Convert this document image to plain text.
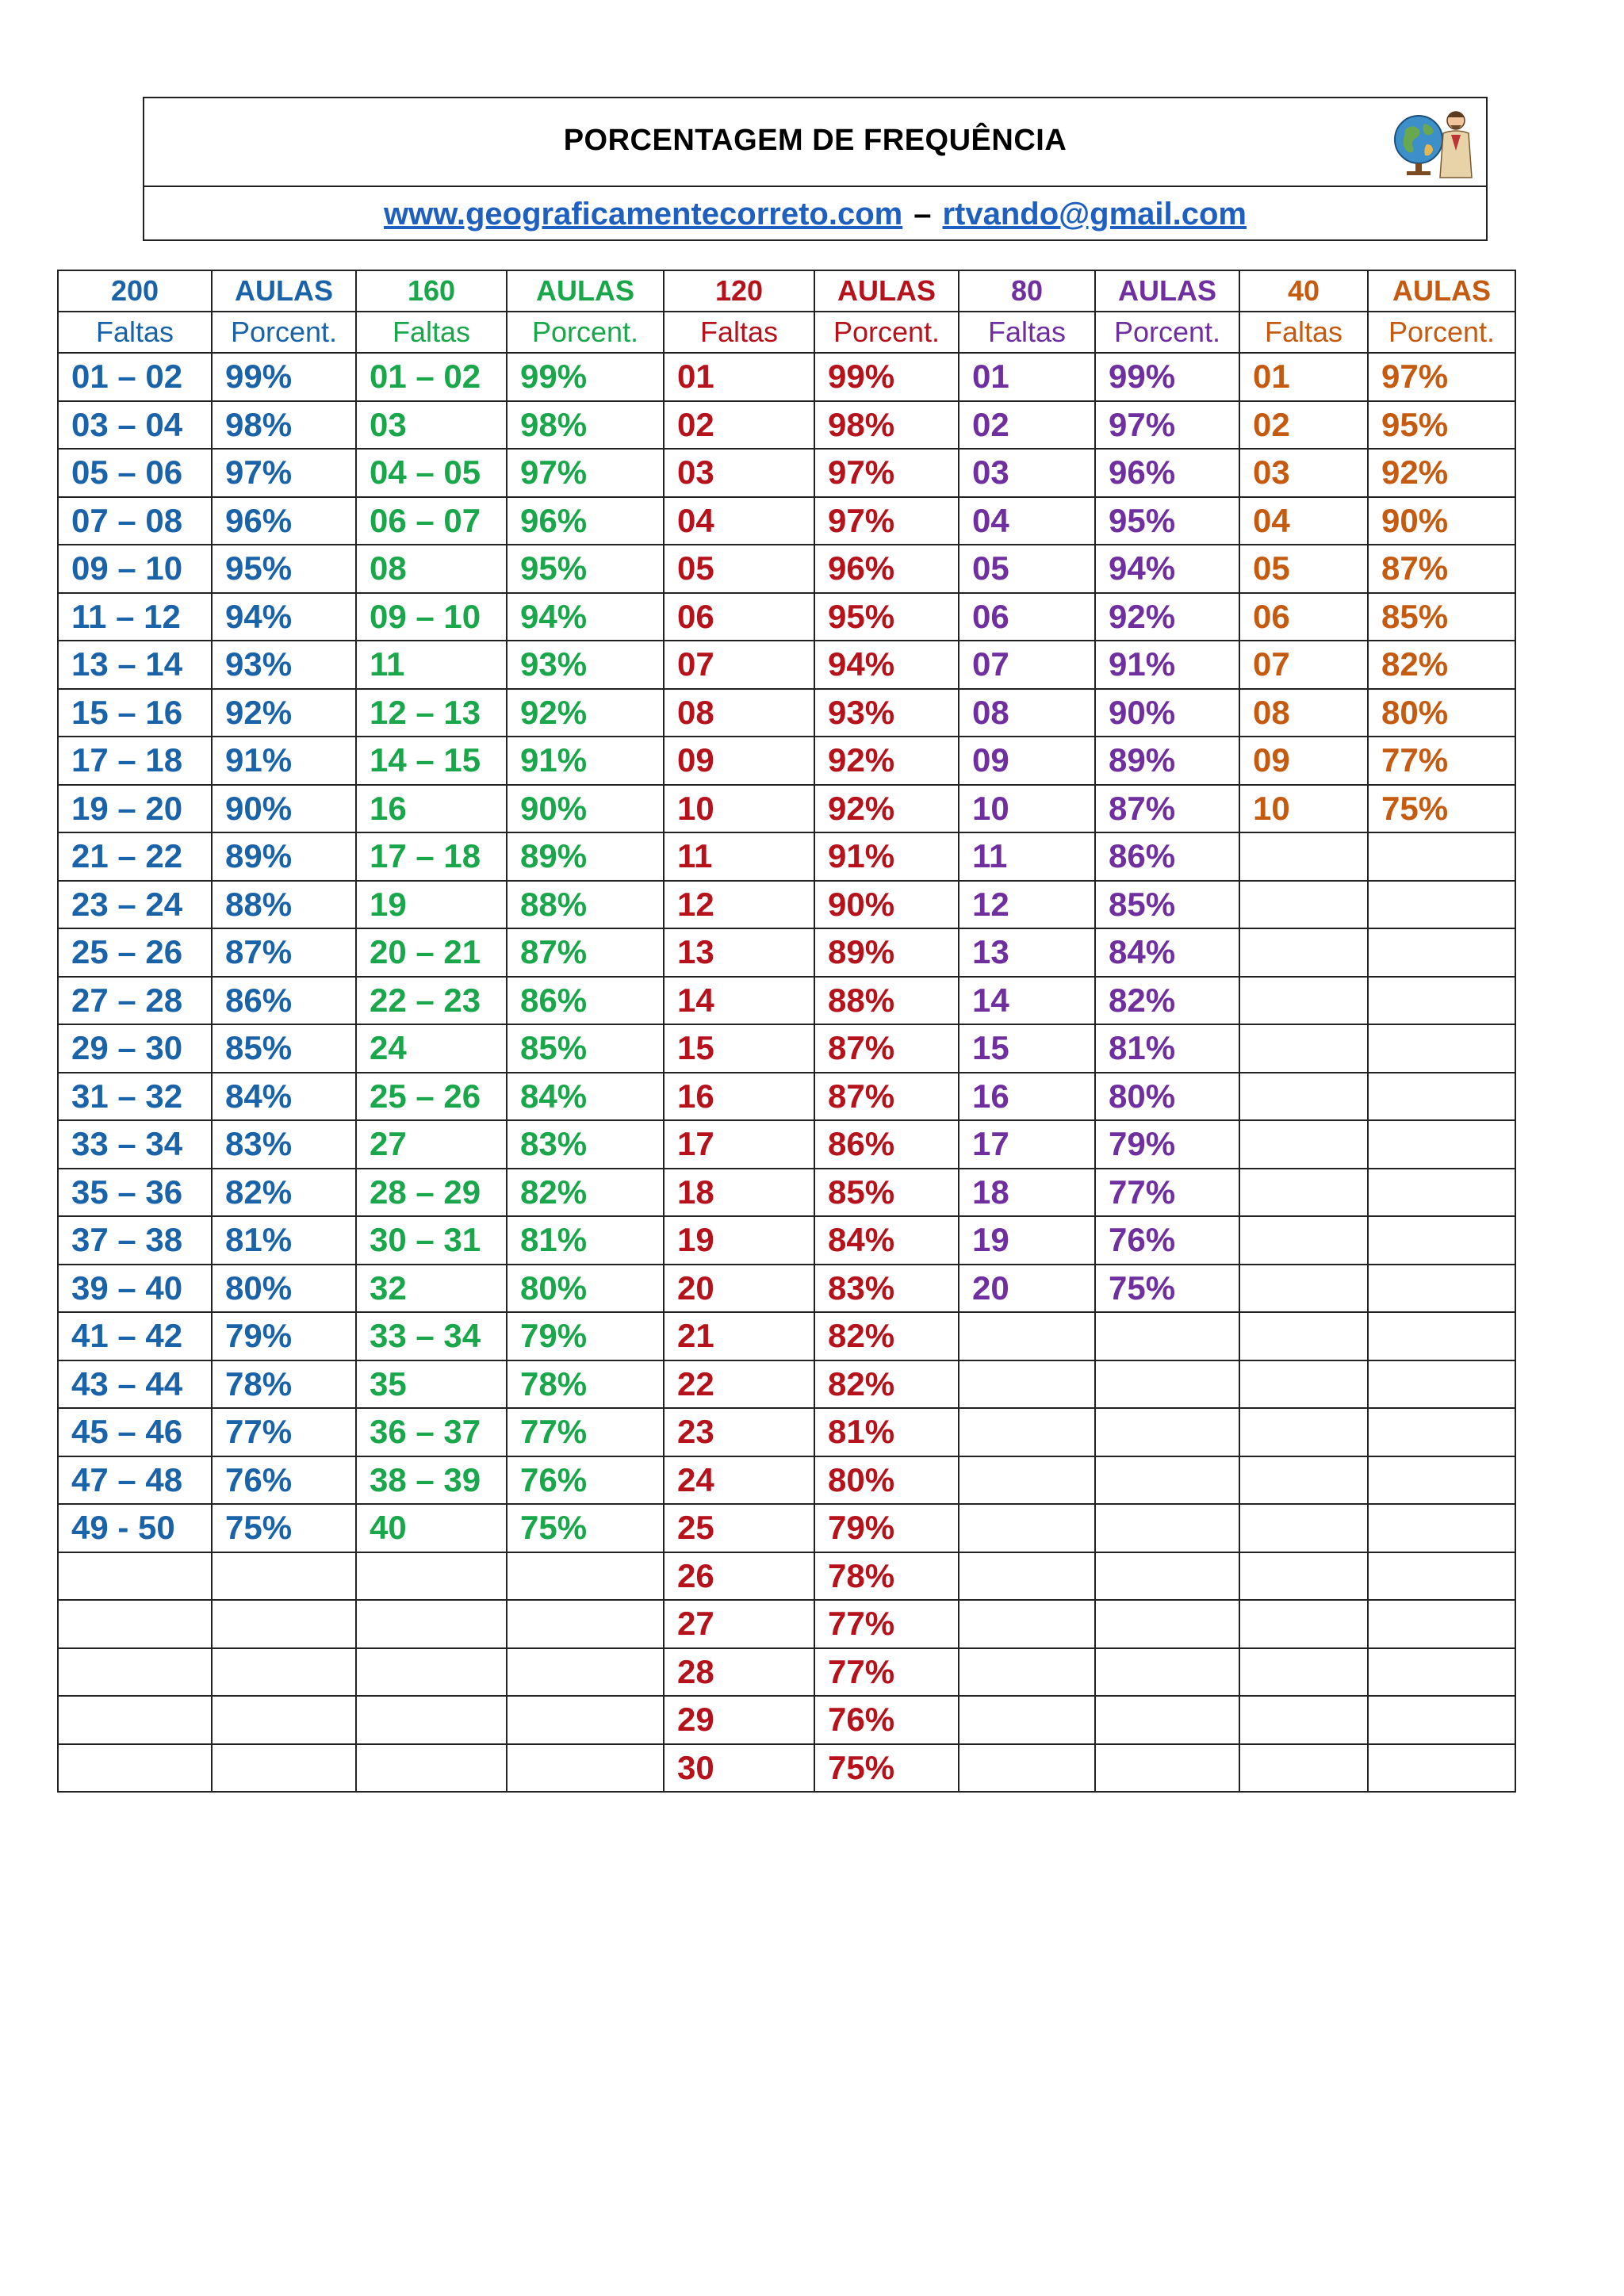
PORCENTAGEM DE FREQUÊNCIA
www.geograficamentecorreto.com – rtvando@gmail.com
200	AULAS	160	AULAS	120	AULAS	80	AULAS	40	AULAS
Faltas	Porcent.	Faltas	Porcent.	Faltas	Porcent.	Faltas	Porcent.	Faltas	Porcent.
01 – 02	99%	01 – 02	99%	01	99%	01	99%	01	97%
03 – 04	98%	03	98%	02	98%	02	97%	02	95%
05 – 06	97%	04 – 05	97%	03	97%	03	96%	03	92%
07 – 08	96%	06 – 07	96%	04	97%	04	95%	04	90%
09 – 10	95%	08	95%	05	96%	05	94%	05	87%
11 – 12	94%	09 – 10	94%	06	95%	06	92%	06	85%
13 – 14	93%	11	93%	07	94%	07	91%	07	82%
15 – 16	92%	12 – 13	92%	08	93%	08	90%	08	80%
17 – 18	91%	14 – 15	91%	09	92%	09	89%	09	77%
19 – 20	90%	16	90%	10	92%	10	87%	10	75%
21 – 22	89%	17 – 18	89%	11	91%	11	86%		
23 – 24	88%	19	88%	12	90%	12	85%		
25 – 26	87%	20 – 21	87%	13	89%	13	84%		
27 – 28	86%	22 – 23	86%	14	88%	14	82%		
29 – 30	85%	24	85%	15	87%	15	81%		
31 – 32	84%	25 – 26	84%	16	87%	16	80%		
33 – 34	83%	27	83%	17	86%	17	79%		
35 – 36	82%	28 – 29	82%	18	85%	18	77%		
37 – 38	81%	30 – 31	81%	19	84%	19	76%		
39 – 40	80%	32	80%	20	83%	20	75%		
41 – 42	79%	33 – 34	79%	21	82%				
43 – 44	78%	35	78%	22	82%				
45 – 46	77%	36 – 37	77%	23	81%				
47 – 48	76%	38 – 39	76%	24	80%				
49 - 50	75%	40	75%	25	79%				
				26	78%				
				27	77%				
				28	77%				
				29	76%				
				30	75%				
